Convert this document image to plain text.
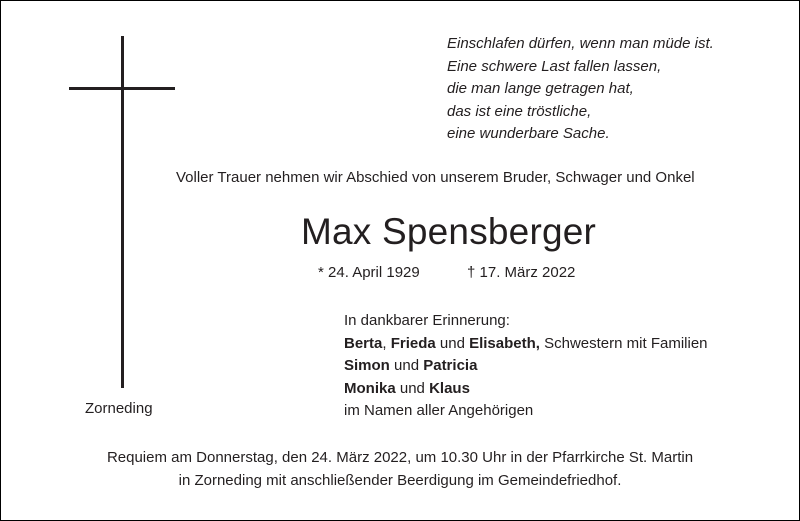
Einschlafen dürfen, wenn man müde ist.
Eine schwere Last fallen lassen,
die man lange getragen hat,
das ist eine tröstliche,
eine wunderbare Sache.
Voller Trauer nehmen wir Abschied von unserem Bruder, Schwager und Onkel
Max Spensberger
* 24. April 1929	† 17. März 2022
In dankbarer Erinnerung:
Berta, Frieda und Elisabeth, Schwestern mit Familien
Simon und Patricia
Monika und Klaus
im Namen aller Angehörigen
Zorneding
Requiem am Donnerstag, den 24. März 2022, um 10.30 Uhr in der Pfarrkirche St. Martin
in Zorneding mit anschließender Beerdigung im Gemeindefriedhof.
